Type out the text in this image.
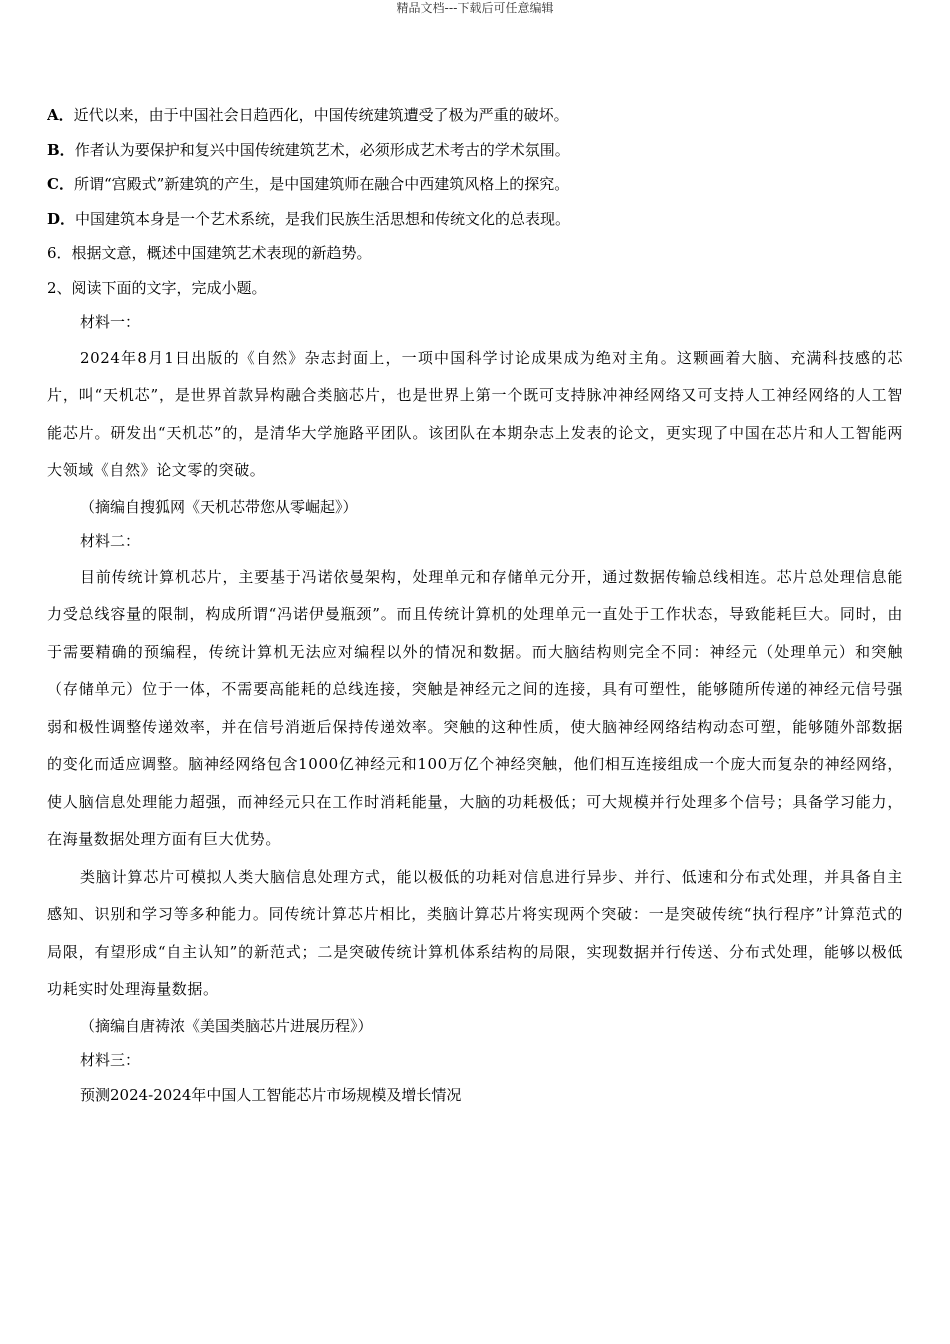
精品文档---下载后可任意编辑
A．近代以来，由于中国社会日趋西化，中国传统建筑遭受了极为严重的破坏。
B．作者认为要保护和复兴中国传统建筑艺术，必须形成艺术考古的学术氛围。
C．所谓“宫殿式”新建筑的产生，是中国建筑师在融合中西建筑风格上的探究。
D．中国建筑本身是一个艺术系统，是我们民族生活思想和传统文化的总表现。
6．根据文意，概述中国建筑艺术表现的新趋势。
2、阅读下面的文字，完成小题。
材料一：
2024年8月1日出版的《自然》杂志封面上，一项中国科学讨论成果成为绝对主角。这颗画着大脑、充满科技感的芯片，叫“天机芯”，是世界首款异构融合类脑芯片，也是世界上第一个既可支持脉冲神经网络又可支持人工神经网络的人工智能芯片。研发出“天机芯”的，是清华大学施路平团队。该团队在本期杂志上发表的论文，更实现了中国在芯片和人工智能两大领域《自然》论文零的突破。
（摘编自搜狐网《天机芯带您从零崛起》）
材料二：
目前传统计算机芯片，主要基于冯诺依曼架构，处理单元和存储单元分开，通过数据传输总线相连。芯片总处理信息能力受总线容量的限制，构成所谓“冯诺伊曼瓶颈”。而且传统计算机的处理单元一直处于工作状态，导致能耗巨大。同时，由于需要精确的预编程，传统计算机无法应对编程以外的情况和数据。而大脑结构则完全不同：神经元（处理单元）和突触（存储单元）位于一体，不需要高能耗的总线连接，突触是神经元之间的连接，具有可塑性，能够随所传递的神经元信号强弱和极性调整传递效率，并在信号消逝后保持传递效率。突触的这种性质，使大脑神经网络结构动态可塑，能够随外部数据的变化而适应调整。脑神经网络包含1000亿神经元和100万亿个神经突触，他们相互连接组成一个庞大而复杂的神经网络，使人脑信息处理能力超强，而神经元只在工作时消耗能量，大脑的功耗极低；可大规模并行处理多个信号；具备学习能力，在海量数据处理方面有巨大优势。
类脑计算芯片可模拟人类大脑信息处理方式，能以极低的功耗对信息进行异步、并行、低速和分布式处理，并具备自主感知、识别和学习等多种能力。同传统计算芯片相比，类脑计算芯片将实现两个突破：一是突破传统“执行程序”计算范式的局限，有望形成“自主认知”的新范式；二是突破传统计算机体系结构的局限，实现数据并行传送、分布式处理，能够以极低功耗实时处理海量数据。
（摘编自唐祷浓《美国类脑芯片进展历程》）
材料三：
预测2024-2024年中国人工智能芯片市场规模及增长情况
